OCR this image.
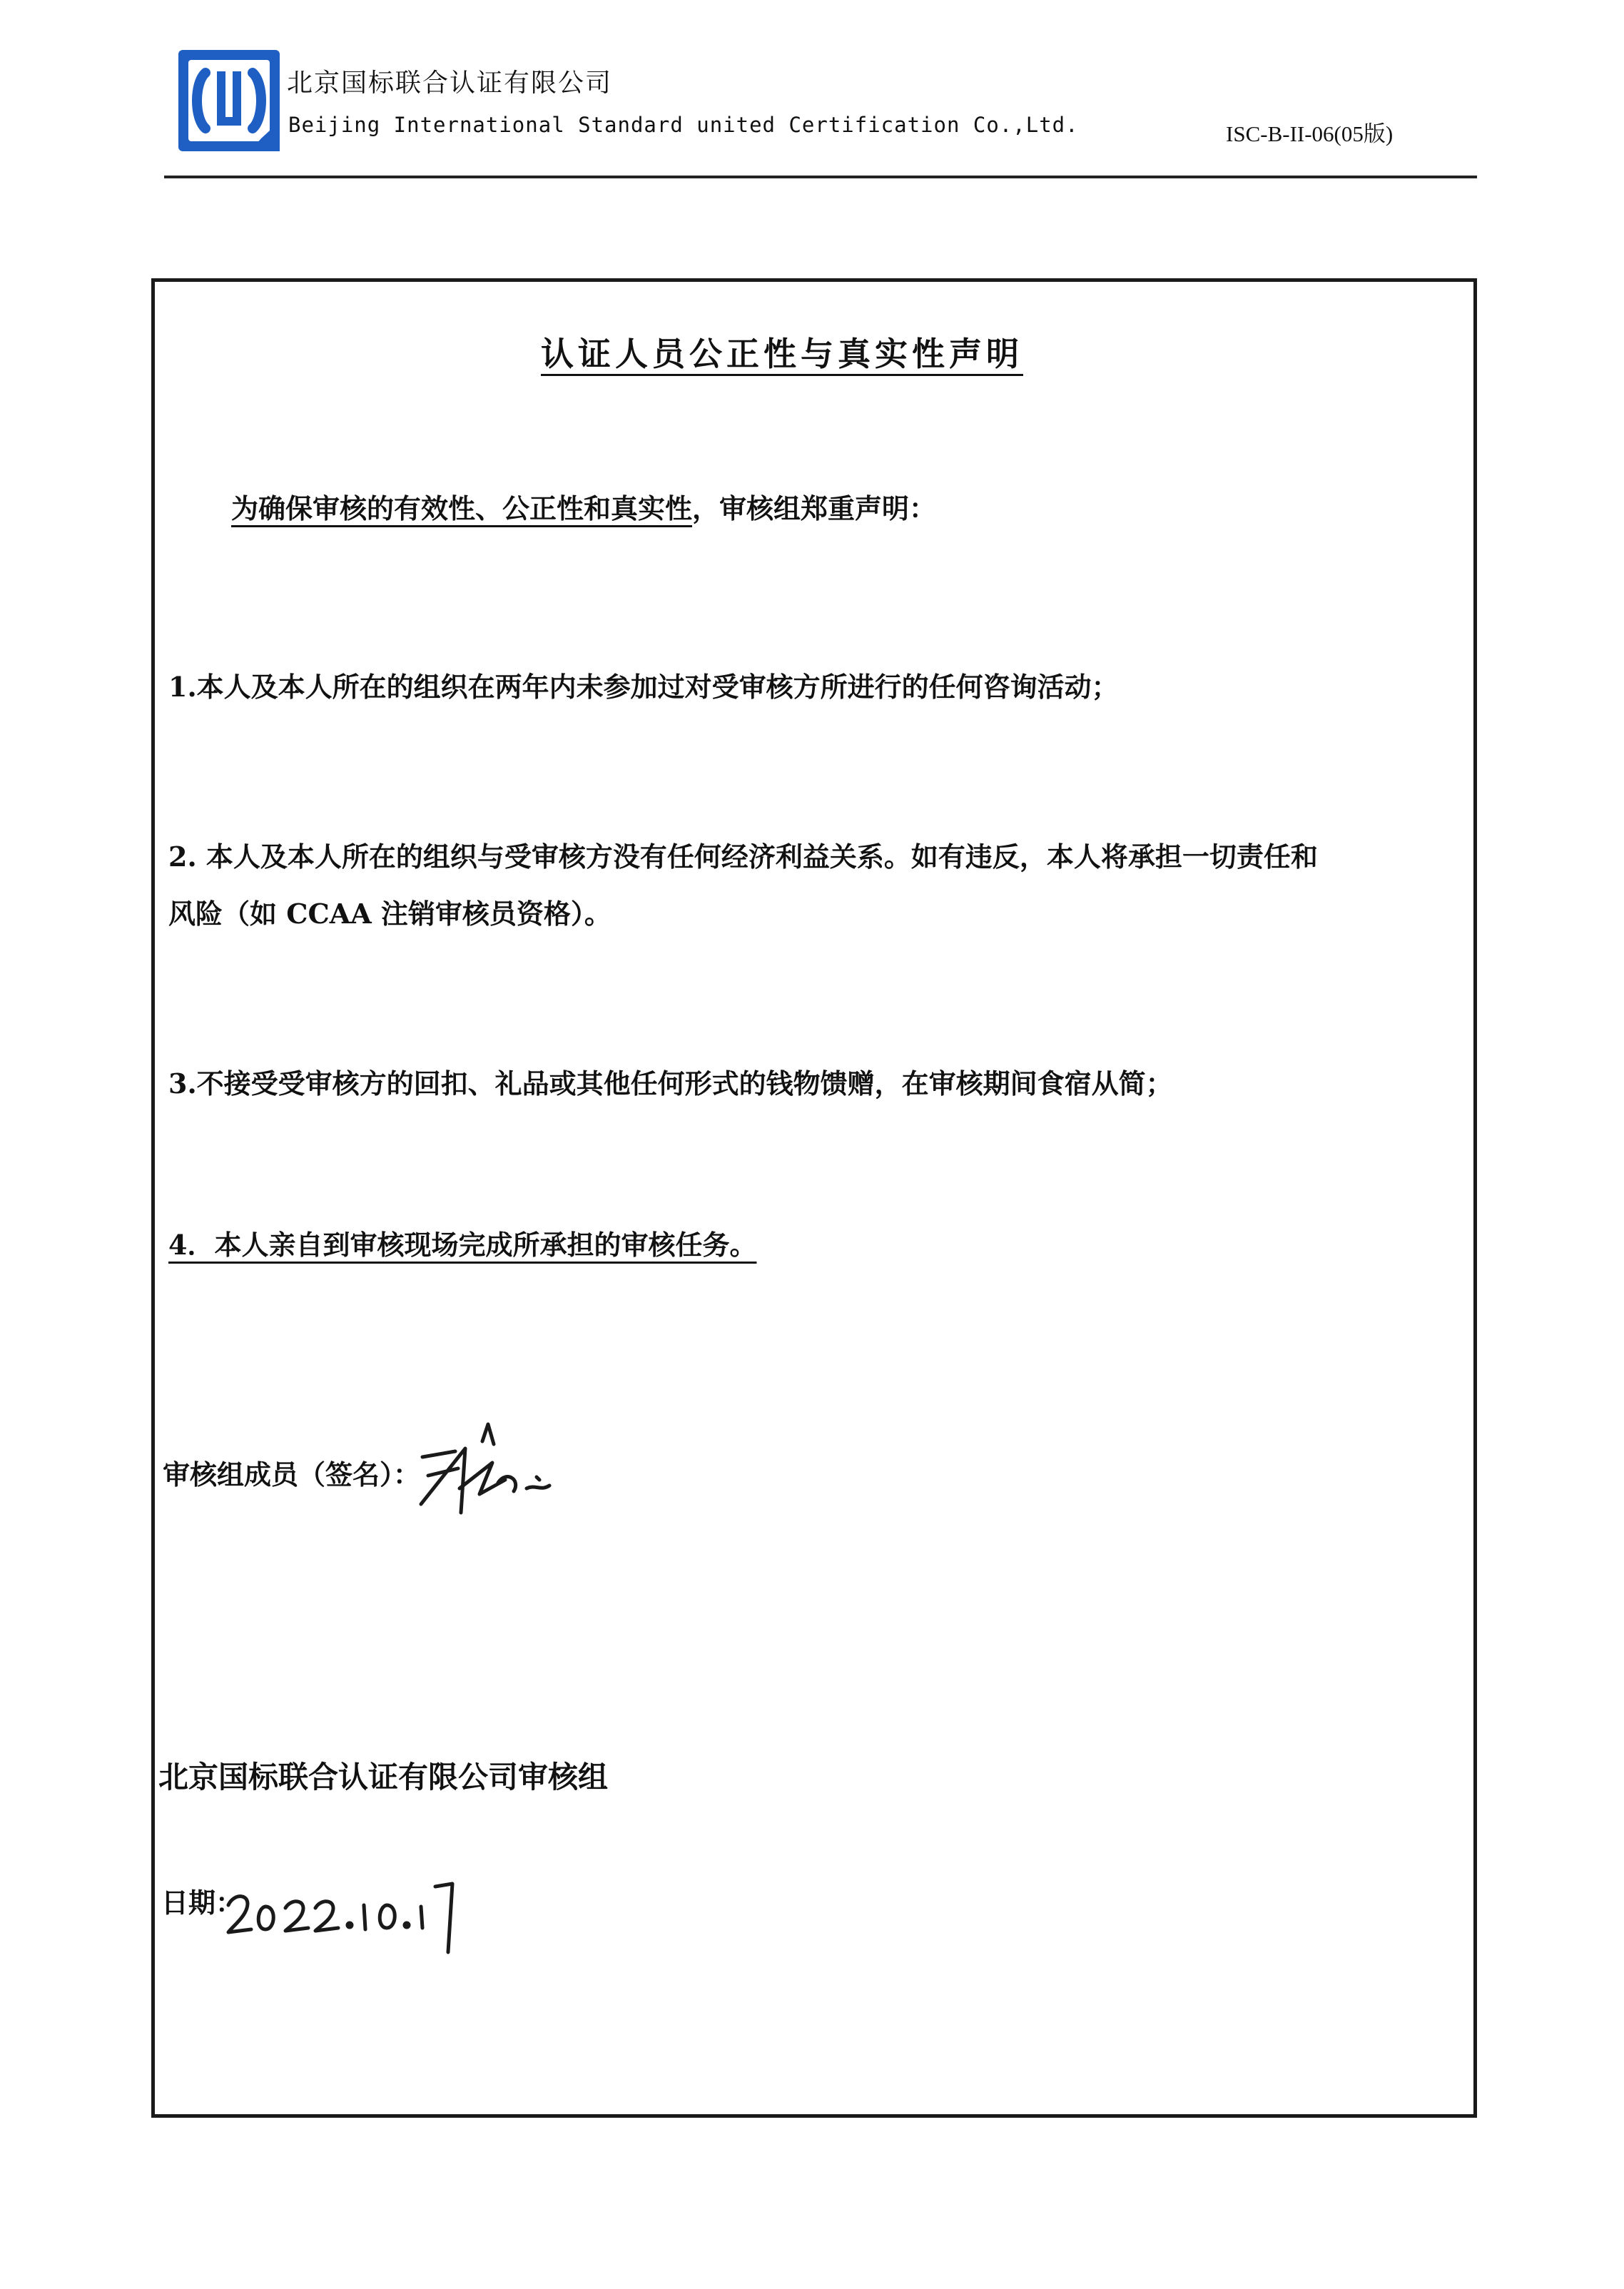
北京国标联合认证有限公司
Beijing International Standard united Certification Co.,Ltd.	ISC-B-II-06(05版)
认证人员公正性与真实性声明
为确保审核的有效性、公正性和真实性，审核组郑重声明：
1.本人及本人所在的组织在两年内未参加过对受审核方所进行的任何咨询活动；
2. 本人及本人所在的组织与受审核方没有任何经济利益关系。如有违反，本人将承担一切责任和
风险（如 CCAA 注销审核员资格）。
3.不接受受审核方的回扣、礼品或其他任何形式的钱物馈赠，在审核期间食宿从简；
4．本人亲自到审核现场完成所承担的审核任务。
审核组成员（签名）：
北京国标联合认证有限公司审核组
日期：
